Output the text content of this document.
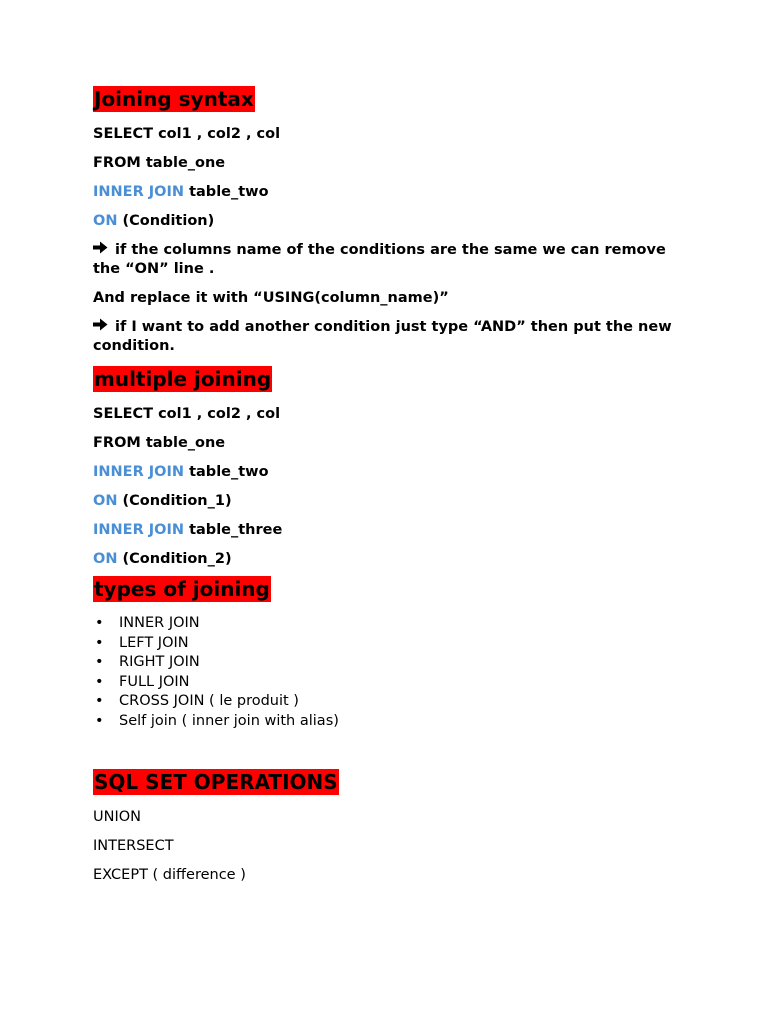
Joining syntax

SELECT col1 , col2 , col

FROM table_one

INNER JOIN table_two

ON (Condition)

if the columns name of the conditions are the same we can remove the “ON” line .

And replace it with “USING(column_name)”

if I want to add another condition just type “AND” then put the new condition.

multiple joining

SELECT col1 , col2 , col

FROM table_one

INNER JOIN table_two

ON (Condition_1)

INNER JOIN table_three

ON (Condition_2)

types of joining
• INNER JOIN
• LEFT JOIN
• RIGHT JOIN
• FULL JOIN
• CROSS JOIN ( le produit )
• Self join ( inner join with alias)
SQL SET OPERATIONS

UNION

INTERSECT

EXCEPT ( difference )
